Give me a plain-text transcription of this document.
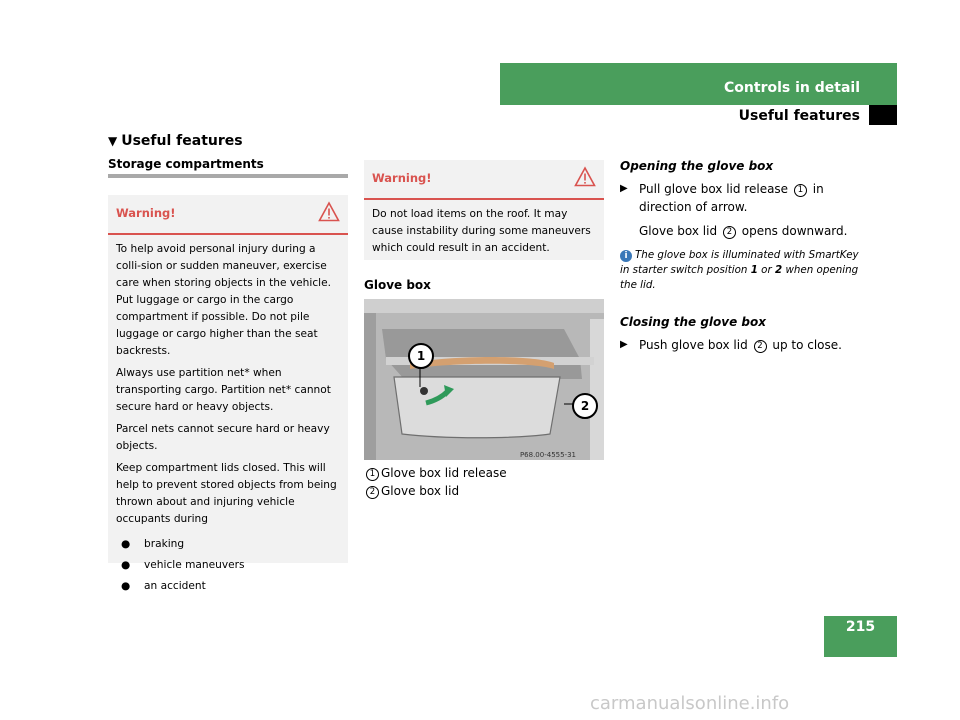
Controls in detail
Useful features
215
▼ Useful features
Storage compartments
Warning!

To help avoid personal injury during a colli-sion or sudden maneuver, exercise care when storing objects in the vehicle. Put luggage or cargo in the cargo compartment if possible. Do not pile luggage or cargo higher than the seat backrests.

Always use partition net* when transporting cargo. Partition net* cannot secure hard or heavy objects.

Parcel nets cannot secure hard or heavy objects.

Keep compartment lids closed. This will help to prevent stored objects from being thrown about and injuring vehicle occupants during

● braking
● vehicle maneuvers
● an accident
Warning!

Do not load items on the roof. It may cause instability during some maneuvers which could result in an accident.

Glove box
P68.00-4555-31
1
2
1 Glove box lid release
2 Glove box lid
Opening the glove box
▶ Pull glove box lid release 1 in direction of arrow.
Glove box lid 2 opens downward.
i The glove box is illuminated with SmartKey in starter switch position 1 or 2 when opening the lid.
Closing the glove box
▶ Push glove box lid 2 up to close.
carmanualsonline.info
